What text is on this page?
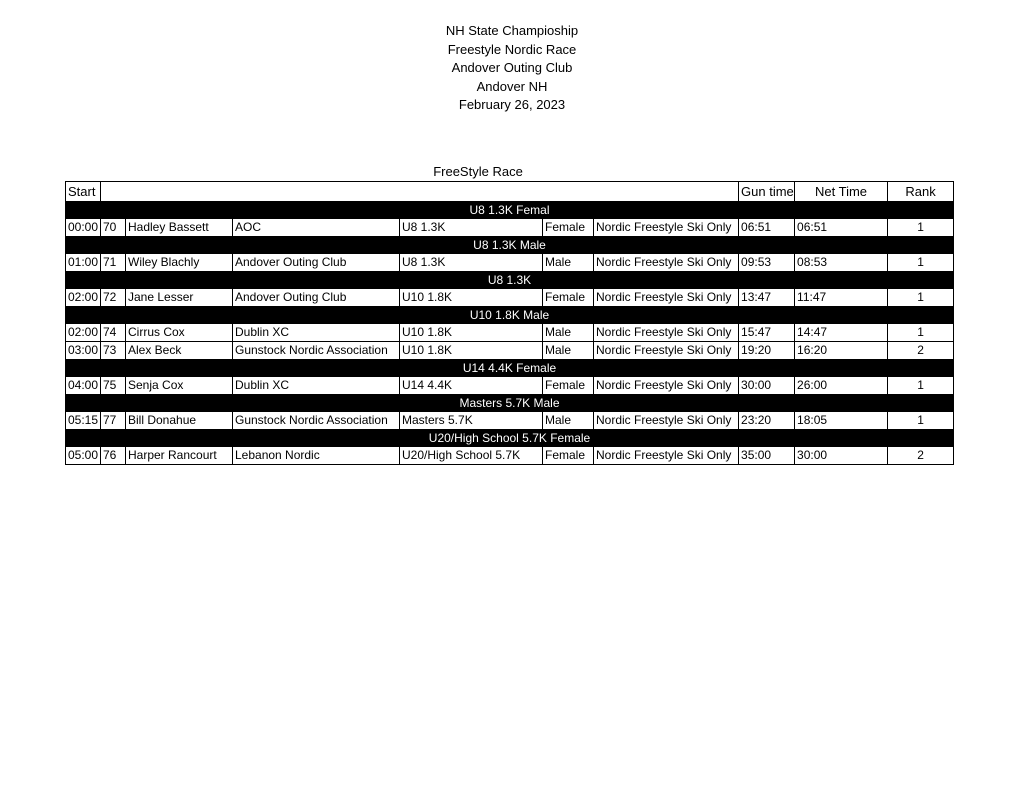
NH State Champioship
Freestyle Nordic Race
Andover Outing Club
Andover NH
February 26, 2023
FreeStyle Race
Start							Gun time	Net Time	Rank
U8 1.3K Femal									
00:00	70	Hadley Bassett	AOC	U8 1.3K	Female	Nordic Freestyle Ski Only	06:51	06:51	1
U8 1.3K Male									
01:00	71	Wiley Blachly	Andover Outing Club	U8 1.3K	Male	Nordic Freestyle Ski Only	09:53	08:53	1
U8 1.3K									
02:00	72	Jane Lesser	Andover Outing Club	U10 1.8K	Female	Nordic Freestyle Ski Only	13:47	11:47	1
U10 1.8K Male									
02:00	74	Cirrus Cox	Dublin XC	U10 1.8K	Male	Nordic Freestyle Ski Only	15:47	14:47	1
03:00	73	Alex Beck	Gunstock Nordic Association	U10 1.8K	Male	Nordic Freestyle Ski Only	19:20	16:20	2
U14 4.4K Female									
04:00	75	Senja Cox	Dublin XC	U14 4.4K	Female	Nordic Freestyle Ski Only	30:00	26:00	1
Masters 5.7K Male									
05:15	77	Bill Donahue	Gunstock Nordic Association	Masters 5.7K	Male	Nordic Freestyle Ski Only	23:20	18:05	1
U20/High School 5.7K Female									
05:00	76	Harper Rancourt	Lebanon Nordic	U20/High School 5.7K	Female	Nordic Freestyle Ski Only	35:00	30:00	2
